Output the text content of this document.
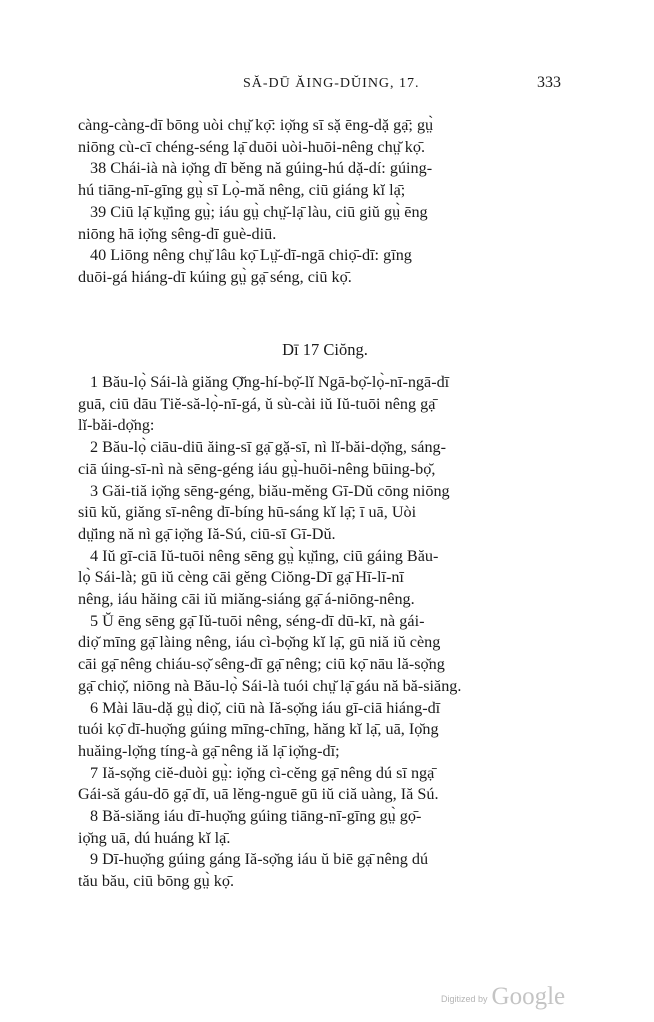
SĂ-DŪ ĂING-DŬING, 17.	333
càng-càng-dī bōng uòi chṳ̆ kọ̄: iọ̆ng sī sặ ēng-dặ gạ̄; gṳ̀
niōng cù-cī chéng-séng lạ̄ duōi uòi-huōi-nêng chṳ̆ kọ̄.
38 Chái-ià nà iọ̆ng dī bĕng nă gúing-hú dặ-dí: gúing-
hú tiāng-nī-gīng gṳ̀ sī Lọ̀-mă nêng, ciū giáng kĭ lạ̄;
39 Ciū lạ̄ kṳ̆ing gṳ̀; iáu gṳ̀ chṳ̆-lạ̄ làu, ciū giŭ gṳ̀ ēng
niōng hā iọ̆ng sêng-dī guè-diū.
40 Liōng nêng chṳ̆ lâu kọ̄ Lṳ̆-dī-ngā chiọ̄-dī: gīng
duōi-gá hiáng-dī kúing gṳ̀ gạ̄ séng, ciū kọ̄.
Dī 17 Ciŏng.
1 Bău-lọ̀ Sái-là giăng Ọ̆ng-hí-bọ̆-lĭ Ngā-bọ̆-lọ̀-nī-ngā-dī
guā, ciū dāu Tiĕ-să-lọ̀-nī-gá, ŭ sù-cài iŭ Iŭ-tuōi nêng gạ̄
lĭ-băi-dọ̆ng:
2 Bău-lọ̀ ciāu-diū ăing-sī gạ̄ gặ-sī, nì lĭ-băi-dọ̆ng, sáng-
ciā úing-sī-nì nà sēng-géng iáu gṳ̀-huōi-nêng būing-bọ̆,
3 Găi-tiă iọ̆ng sēng-géng, biău-mĕng Gī-Dŭ cōng niōng
siū kŭ, giăng sī-nêng dī-bíng hū-sáng kĭ lạ̄; ī uā, Uòi
dṳ̆ing nă nì gạ̄ iọ̆ng Iă-Sú, ciū-sī Gī-Dŭ.
4 Iŭ gī-ciā Iŭ-tuōi nêng sēng gṳ̀ kṳ̆ing, ciū gáing Bău-
lọ̀ Sái-là; gū iŭ cèng cāi gĕng Ciŏng-Dī gạ̄ Hī-lī-nī
nêng, iáu hăing cāi iŭ miăng-siáng gạ̄ á-niōng-nêng.
5 Ŭ ēng sēng gạ̄ Iŭ-tuōi nêng, séng-dī dū-kī, nà gái-
diọ̆ mīng gạ̄ làing nêng, iáu cì-bọ̆ng kĭ lạ̄, gū niă iŭ cèng
cāi gạ̄ nêng chiáu-sọ̆ sêng-dī gạ̄ nêng; ciū kọ̄ nāu lă-sọ̆ng
gạ̄ chiọ̆, niōng nà Bău-lọ̀ Sái-là tuói chṳ̆ lạ̄ gáu nă bă-siăng.
6 Mài lāu-dặ gṳ̀ diọ̆, ciū nà Iă-sọ̆ng iáu gī-ciā hiáng-dī
tuói kọ̄ dī-huọ̆ng gúing mīng-chīng, hăng kĭ lạ̄, uā, Iọ̆ng
huăing-lọ̆ng tíng-à gạ̄ nêng iă lạ̄ iọ̆ng-dī;
7 Iă-sọ̆ng ciĕ-duòi gṳ̀: iọ̆ng cì-cĕng gạ̄ nêng dú sī ngạ̄
Gái-să gáu-dō gạ̄ dī, uā lĕng-nguē gū iŭ ciă uàng, Iă Sú.
8 Bă-siăng iáu dī-huọ̆ng gúing tiāng-nī-gīng gṳ̀ gọ̄-
iọ̆ng uā, dú huáng kĭ lạ̄.
9 Dī-huọ̆ng gúing gáng Iă-sọ̆ng iáu ŭ biē gạ̄ nêng dú
tău bău, ciū bōng gṳ̀ kọ̄.
Digitized by Google
